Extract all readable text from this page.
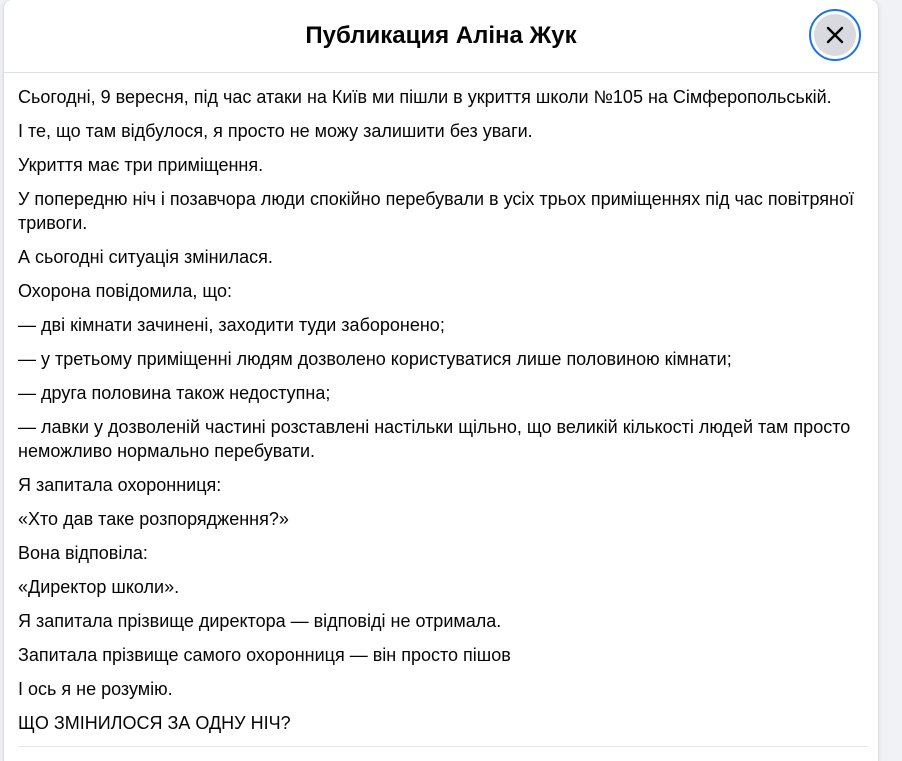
Публикация Аліна Жук

Сьогодні, 9 вересня, під час атаки на Київ ми пішли в укриття школи №105 на Сімферопольській.

І те, що там відбулося, я просто не можу залишити без уваги.

Укриття має три приміщення.

У попередню ніч і позавчора люди спокійно перебували в усіх трьох приміщеннях під час повітряної тривоги.

А сьогодні ситуація змінилася.

Охорона повідомила, що:

— дві кімнати зачинені, заходити туди заборонено;

— у третьому приміщенні людям дозволено користуватися лише половиною кімнати;

— друга половина також недоступна;

— лавки у дозволеній частині розставлені настільки щільно, що великій кількості людей там просто неможливо нормально перебувати.

Я запитала охоронниця:

«Хто дав таке розпорядження?»

Вона відповіла:

«Директор школи».

Я запитала прізвище директора — відповіді не отримала.

Запитала прізвище самого охоронниця — він просто пішов

І ось я не розумію.

ЩО ЗМІНИЛОСЯ ЗА ОДНУ НІЧ?
